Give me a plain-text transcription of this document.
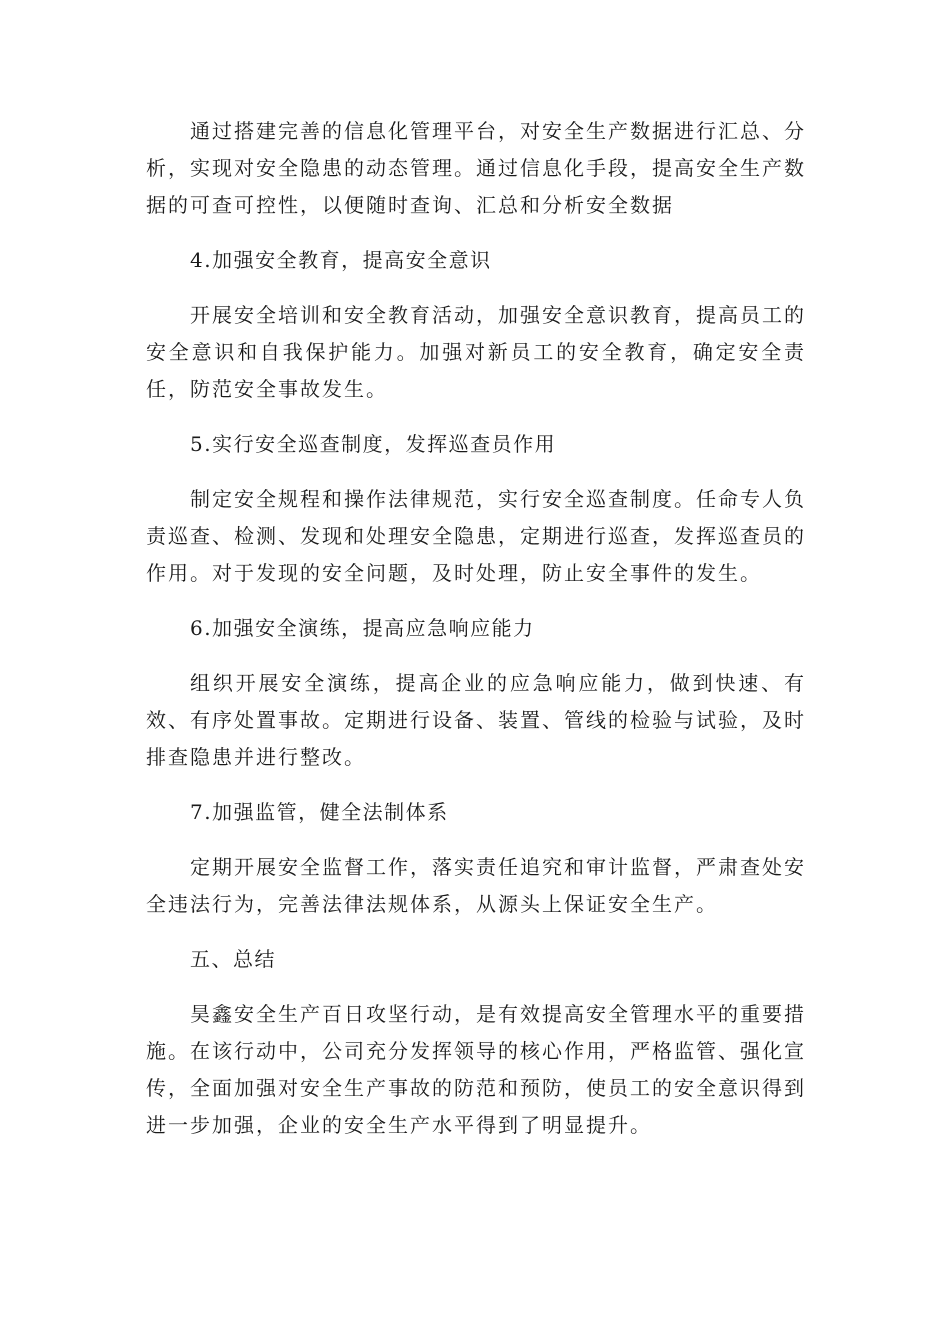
通过搭建完善的信息化管理平台，对安全生产数据进行汇总、分析，实现对安全隐患的动态管理。通过信息化手段，提高安全生产数据的可查可控性，以便随时查询、汇总和分析安全数据

4.加强安全教育，提高安全意识

开展安全培训和安全教育活动，加强安全意识教育，提高员工的安全意识和自我保护能力。加强对新员工的安全教育，确定安全责任，防范安全事故发生。

5.实行安全巡查制度，发挥巡查员作用

制定安全规程和操作法律规范，实行安全巡查制度。任命专人负责巡查、检测、发现和处理安全隐患，定期进行巡查，发挥巡查员的作用。对于发现的安全问题，及时处理，防止安全事件的发生。

6.加强安全演练，提高应急响应能力

组织开展安全演练，提高企业的应急响应能力，做到快速、有效、有序处置事故。定期进行设备、装置、管线的检验与试验，及时排查隐患并进行整改。

7.加强监管，健全法制体系

定期开展安全监督工作，落实责任追究和审计监督，严肃查处安全违法行为，完善法律法规体系，从源头上保证安全生产。

五、总结

昊鑫安全生产百日攻坚行动，是有效提高安全管理水平的重要措施。在该行动中，公司充分发挥领导的核心作用，严格监管、强化宣传，全面加强对安全生产事故的防范和预防，使员工的安全意识得到进一步加强，企业的安全生产水平得到了明显提升。
